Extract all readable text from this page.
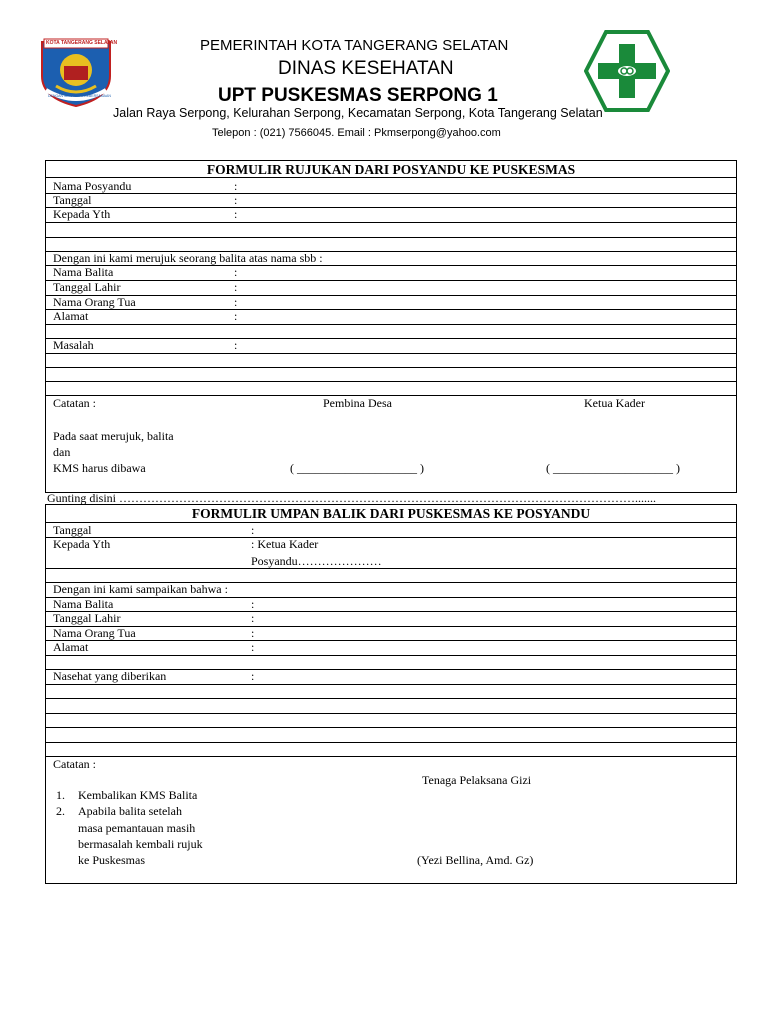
KOTA TANGERANG SELATAN
DENGAN SEMANGAT KEBERSAMAAN
PEMERINTAH KOTA TANGERANG SELATAN
DINAS KESEHATAN
UPT PUSKESMAS SERPONG 1
Jalan Raya Serpong, Kelurahan Serpong, Kecamatan Serpong, Kota Tangerang Selatan
Telepon : (021) 7566045. Email : Pkmserpong@yahoo.com
FORMULIR RUJUKAN DARI POSYANDU KE PUSKESMAS
Nama Posyandu	:
Tanggal	:
Kepada Yth	:
Dengan ini kami merujuk seorang balita atas nama sbb :
Nama Balita	:
Tanggal Lahir	:
Nama Orang Tua	:
Alamat	:
Masalah	:
Catatan :	Pembina Desa	Ketua Kader
Pada saat merujuk, balita
dan
KMS harus dibawa	( ____________________ )	( ____________________ )
Gunting disini ………………………………………………………………………………………………………………….......
FORMULIR UMPAN BALIK DARI PUSKESMAS KE POSYANDU
Tanggal	:
Kepada Yth	: Ketua Kader
Posyandu…………………
Dengan ini kami sampaikan bahwa :
Nama Balita	:
Tanggal Lahir	:
Nama Orang Tua	:
Alamat	:
Nasehat yang diberikan	:
Catatan :
Tenaga Pelaksana Gizi
1. Kembalikan KMS Balita
2. Apabila balita setelah
masa pemantauan masih
bermasalah kembali rujuk
ke Puskesmas	(Yezi Bellina, Amd. Gz)
